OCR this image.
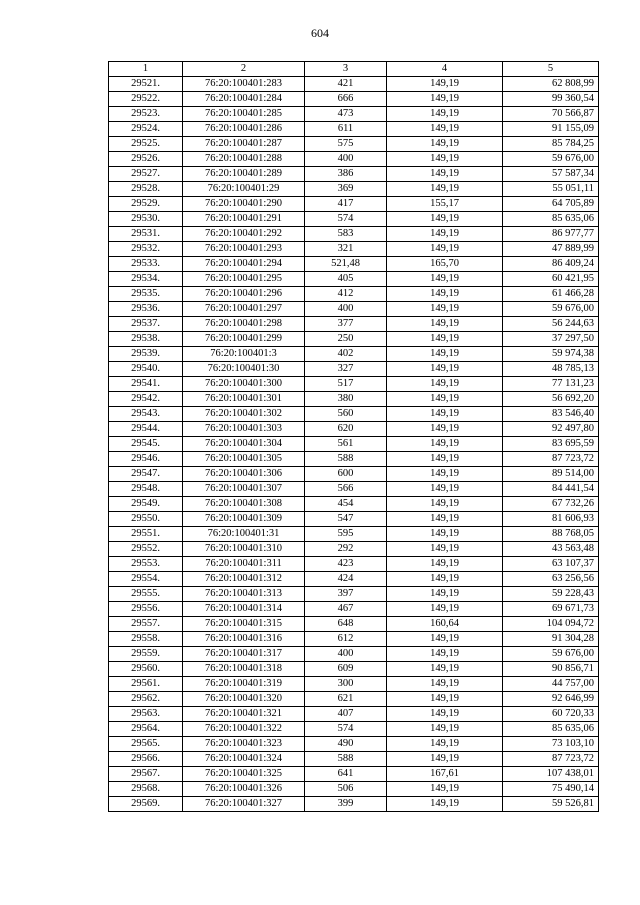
604
1	2	3	4	5
29521.	76:20:100401:283	421	149,19	62 808,99
29522.	76:20:100401:284	666	149,19	99 360,54
29523.	76:20:100401:285	473	149,19	70 566,87
29524.	76:20:100401:286	611	149,19	91 155,09
29525.	76:20:100401:287	575	149,19	85 784,25
29526.	76:20:100401:288	400	149,19	59 676,00
29527.	76:20:100401:289	386	149,19	57 587,34
29528.	76:20:100401:29	369	149,19	55 051,11
29529.	76:20:100401:290	417	155,17	64 705,89
29530.	76:20:100401:291	574	149,19	85 635,06
29531.	76:20:100401:292	583	149,19	86 977,77
29532.	76:20:100401:293	321	149,19	47 889,99
29533.	76:20:100401:294	521,48	165,70	86 409,24
29534.	76:20:100401:295	405	149,19	60 421,95
29535.	76:20:100401:296	412	149,19	61 466,28
29536.	76:20:100401:297	400	149,19	59 676,00
29537.	76:20:100401:298	377	149,19	56 244,63
29538.	76:20:100401:299	250	149,19	37 297,50
29539.	76:20:100401:3	402	149,19	59 974,38
29540.	76:20:100401:30	327	149,19	48 785,13
29541.	76:20:100401:300	517	149,19	77 131,23
29542.	76:20:100401:301	380	149,19	56 692,20
29543.	76:20:100401:302	560	149,19	83 546,40
29544.	76:20:100401:303	620	149,19	92 497,80
29545.	76:20:100401:304	561	149,19	83 695,59
29546.	76:20:100401:305	588	149,19	87 723,72
29547.	76:20:100401:306	600	149,19	89 514,00
29548.	76:20:100401:307	566	149,19	84 441,54
29549.	76:20:100401:308	454	149,19	67 732,26
29550.	76:20:100401:309	547	149,19	81 606,93
29551.	76:20:100401:31	595	149,19	88 768,05
29552.	76:20:100401:310	292	149,19	43 563,48
29553.	76:20:100401:311	423	149,19	63 107,37
29554.	76:20:100401:312	424	149,19	63 256,56
29555.	76:20:100401:313	397	149,19	59 228,43
29556.	76:20:100401:314	467	149,19	69 671,73
29557.	76:20:100401:315	648	160,64	104 094,72
29558.	76:20:100401:316	612	149,19	91 304,28
29559.	76:20:100401:317	400	149,19	59 676,00
29560.	76:20:100401:318	609	149,19	90 856,71
29561.	76:20:100401:319	300	149,19	44 757,00
29562.	76:20:100401:320	621	149,19	92 646,99
29563.	76:20:100401:321	407	149,19	60 720,33
29564.	76:20:100401:322	574	149,19	85 635,06
29565.	76:20:100401:323	490	149,19	73 103,10
29566.	76:20:100401:324	588	149,19	87 723,72
29567.	76:20:100401:325	641	167,61	107 438,01
29568.	76:20:100401:326	506	149,19	75 490,14
29569.	76:20:100401:327	399	149,19	59 526,81
